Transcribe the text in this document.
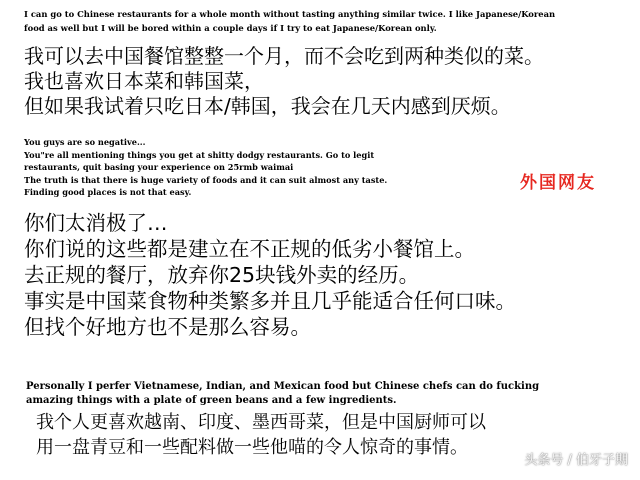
I can go to Chinese restaurants for a whole month without tasting anything similar twice. I like Japanese/Korean
food as well but I will be bored within a couple days if I try to eat Japanese/Korean only.
我可以去中国餐馆整整一个月，而不会吃到两种类似的菜。
我也喜欢日本菜和韩国菜，
但如果我试着只吃日本/韩国，我会在几天内感到厌烦。
You guys are so negative...
You"re all mentioning things you get at shitty dodgy restaurants. Go to legit
restaurants, quit basing your experience on 25rmb waimai
The truth is that there is huge variety of foods and it can suit almost any taste.
Finding good places is not that easy.	外国网友
你们太消极了…
你们说的这些都是建立在不正规的低劣小餐馆上。
去正规的餐厅，放弃你25块钱外卖的经历。
事实是中国菜食物种类繁多并且几乎能适合任何口味。
但找个好地方也不是那么容易。
Personally I perfer Vietnamese, Indian, and Mexican food but Chinese chefs can do fucking
amazing things with a plate of green beans and a few ingredients.
我个人更喜欢越南、印度、墨西哥菜，但是中国厨师可以
用一盘青豆和一些配料做一些他喵的令人惊奇的事情。
头条号 / 伯牙子期
